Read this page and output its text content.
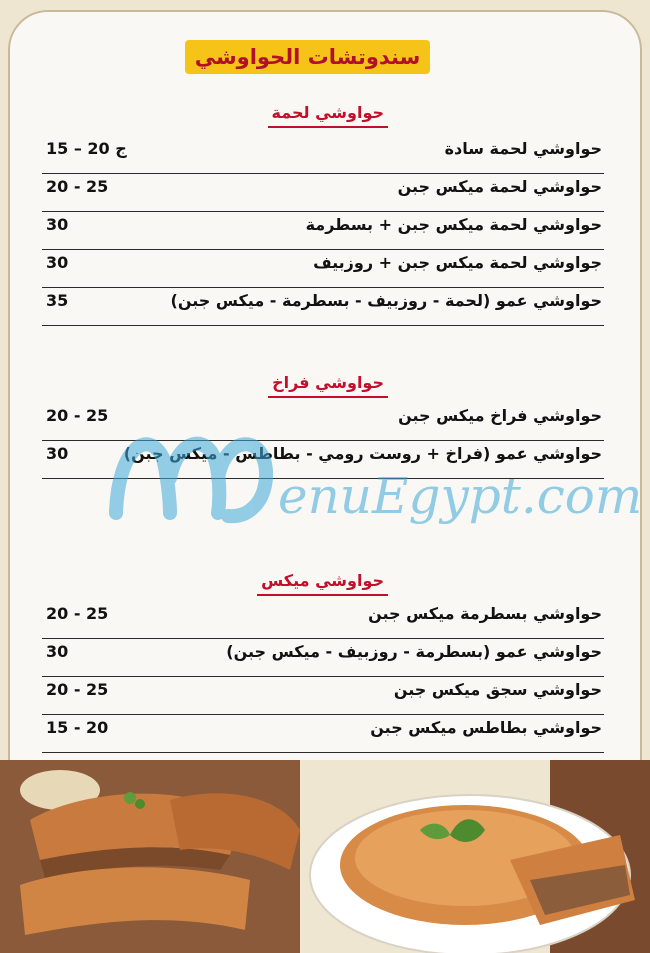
سندوتشات الحواوشي
حواوشي لحمة
حواوشي لحمة سادة
15 – 20 ج
حواوشي لحمة ميكس جبن
20 - 25
حواوشي لحمة ميكس جبن + بسطرمة
30
جواوشي لحمة ميكس جبن + روزبيف
30
حواوشي عمو (لحمة - روزبيف - بسطرمة - ميكس جبن)
35
حواوشي فراخ
حواوشي فراخ ميكس جبن
20 - 25
حواوشي عمو (فراخ + روست رومي - بطاطس - ميكس جبن)
30
حواوشي ميكس
حواوشي بسطرمة ميكس جبن
20 - 25
حواوشي عمو (بسطرمة - روزبيف - ميكس جبن)
30
حواوشي سجق ميكس جبن
20 - 25
حواوشي بطاطس ميكس جبن
15 - 20
enuEgypt.com
